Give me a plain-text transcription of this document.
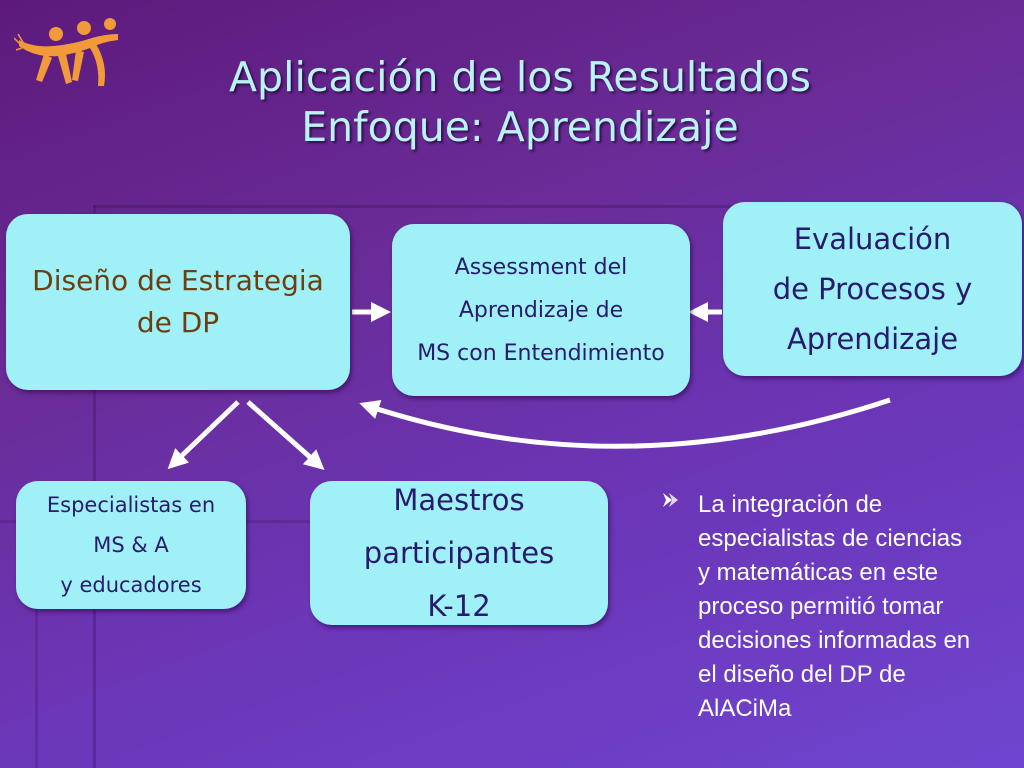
Aplicación de los Resultados
Enfoque: Aprendizaje
Diseño de Estrategia
de DP
Assessment del
Aprendizaje de
MS con Entendimiento
Evaluación
de Procesos y
Aprendizaje
Especialistas en
MS & A
y educadores
Maestros
participantes
K-12
La integración de
especialistas de ciencias
y matemáticas en este
proceso permitió tomar
decisiones informadas en
el diseño del DP de
AlACiMa
